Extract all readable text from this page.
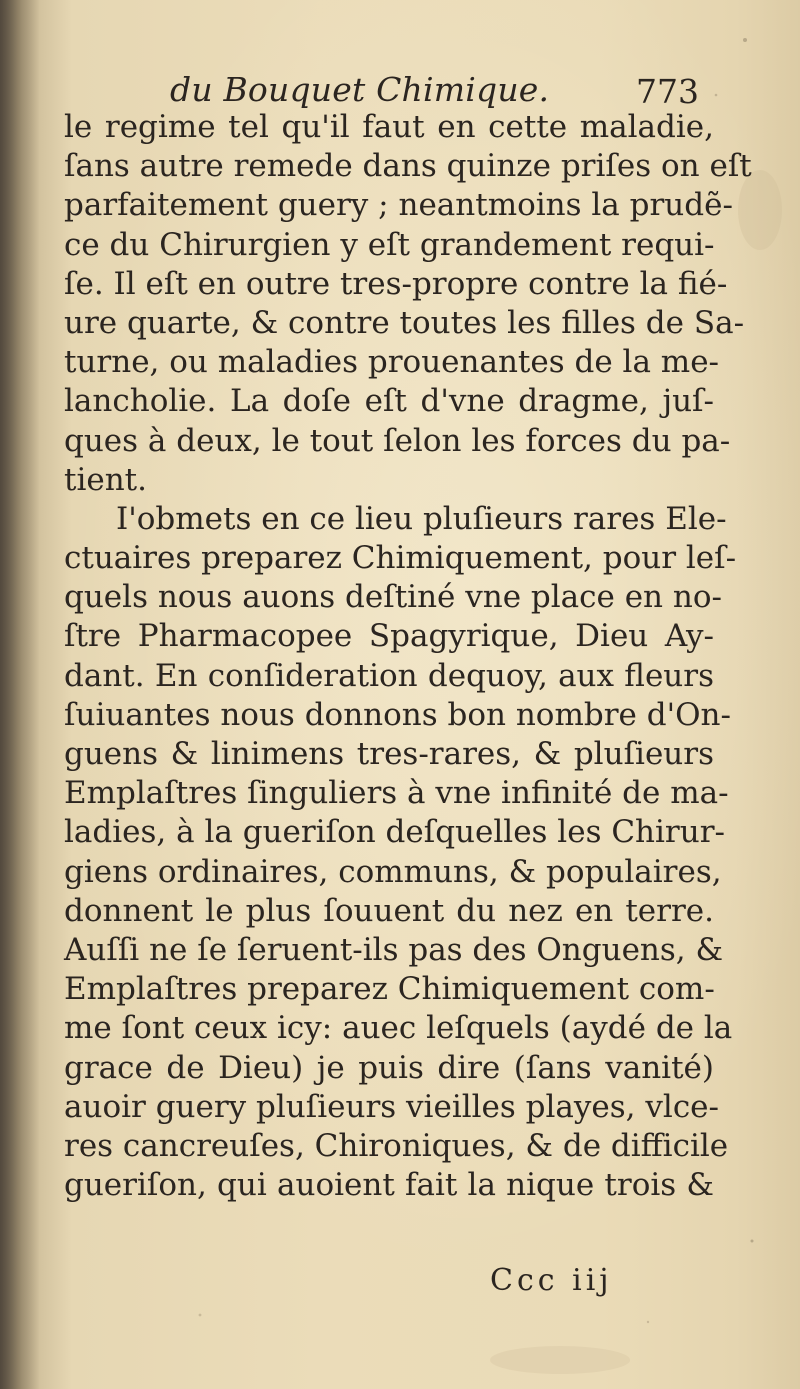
du Bouquet Chimique.	773
le regime tel qu'il faut en cette maladie,
ſans autre remede dans quinze priſes on eſt
parfaitement guery ; neantmoins la prudẽ-
ce du Chirurgien y eſt grandement requi-
ſe. Il eſt en outre tres-propre contre la fié-
ure quarte, & contre toutes les filles de Sa-
turne, ou maladies prouenantes de la me-
lancholie. La doſe eſt d'vne dragme, juſ-
ques à deux, le tout ſelon les forces du pa-
tient.
I'obmets en ce lieu pluſieurs rares Ele-
ctuaires preparez Chimiquement, pour leſ-
quels nous auons deſtiné vne place en no-
ſtre Pharmacopee Spagyrique, Dieu Ay-
dant. En conſideration dequoy, aux fleurs
ſuiuantes nous donnons bon nombre d'On-
guens & linimens tres-rares, & pluſieurs
Emplaſtres ſinguliers à vne infinité de ma-
ladies, à la gueriſon deſquelles les Chirur-
giens ordinaires, communs, & populaires,
donnent le plus ſouuent du nez en terre.
Auſſi ne ſe ſeruent-ils pas des Onguens, &
Emplaſtres preparez Chimiquement com-
me ſont ceux icy: auec leſquels (aydé de la
grace de Dieu) je puis dire (ſans vanité)
auoir guery pluſieurs vieilles playes, vlce-
res cancreuſes, Chironiques, & de difficile
gueriſon, qui auoient fait la nique trois &
Ccc iij
